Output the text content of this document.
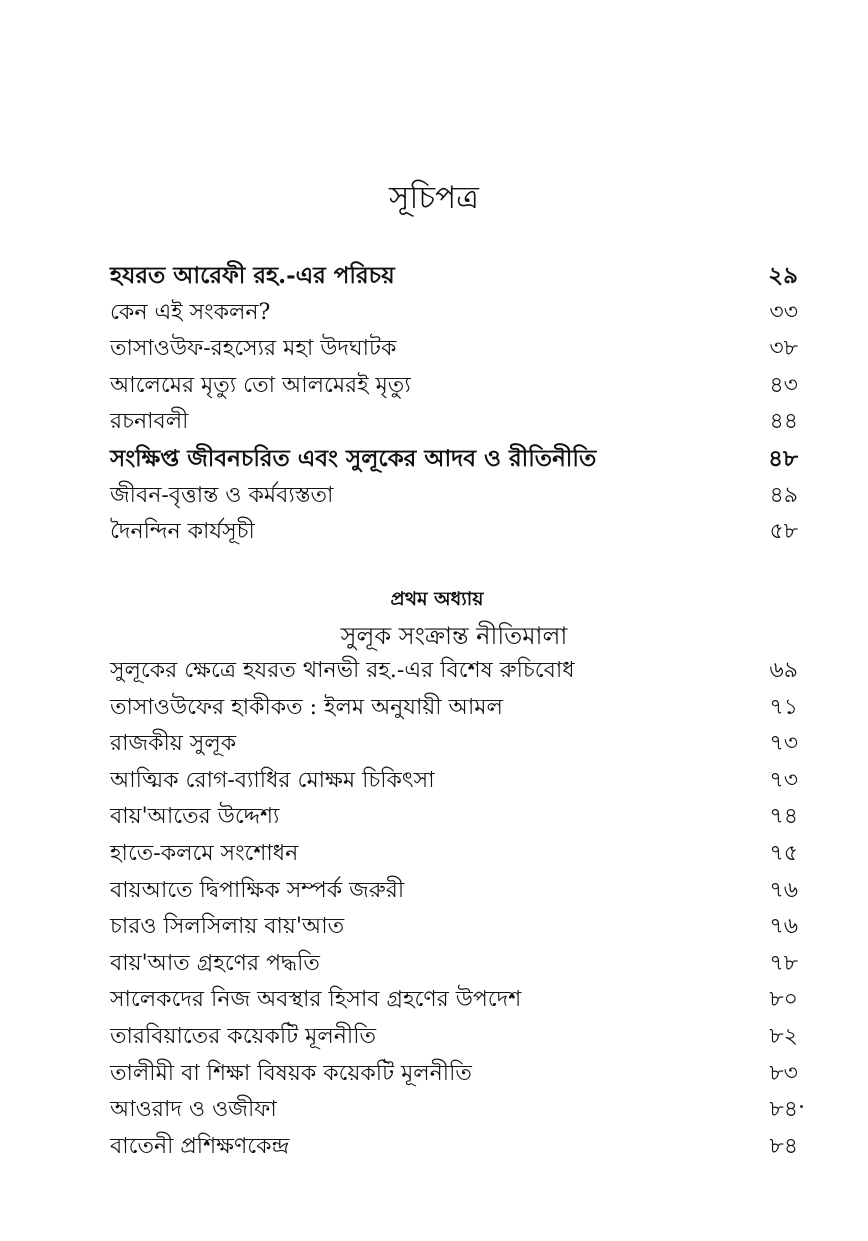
সূচিপত্র
হযরত আরেফী রহ.-এর পরিচয়	২৯
কেন এই সংকলন?	৩৩
তাসাওউফ-রহস্যের মহা উদঘাটক	৩৮
আলেমের মৃত্যু তো আলমেরই মৃত্যু	৪৩
রচনাবলী	৪৪
সংক্ষিপ্ত জীবনচরিত এবং সুলূকের আদব ও রীতিনীতি	৪৮
জীবন-বৃত্তান্ত ও কর্মব্যস্ততা	৪৯
দৈনন্দিন কার্যসূচী	৫৮
প্রথম অধ্যায়
সুলূক সংক্রান্ত নীতিমালা
সুলূকের ক্ষেত্রে হযরত থানভী রহ.-এর বিশেষ রুচিবোধ	৬৯
তাসাওউফের হাকীকত : ইলম অনুযায়ী আমল	৭১
রাজকীয় সুলূক	৭৩
আত্মিক রোগ-ব্যাধির মোক্ষম চিকিৎসা	৭৩
বায়'আতের উদ্দেশ্য	৭৪
হাতে-কলমে সংশোধন	৭৫
বায়আতে দ্বিপাক্ষিক সম্পর্ক জরুরী	৭৬
চারও সিলসিলায় বায়'আত	৭৬
বায়'আত গ্রহণের পদ্ধতি	৭৮
সালেকদের নিজ অবস্থার হিসাব গ্রহণের উপদেশ	৮০
তারবিয়াতের কয়েকটি মূলনীতি	৮২
তালীমী বা শিক্ষা বিষয়ক কয়েকটি মূলনীতি	৮৩
আওরাদ ও ওজীফা	৮৪
বাতেনী প্রশিক্ষণকেন্দ্র	৮৪
